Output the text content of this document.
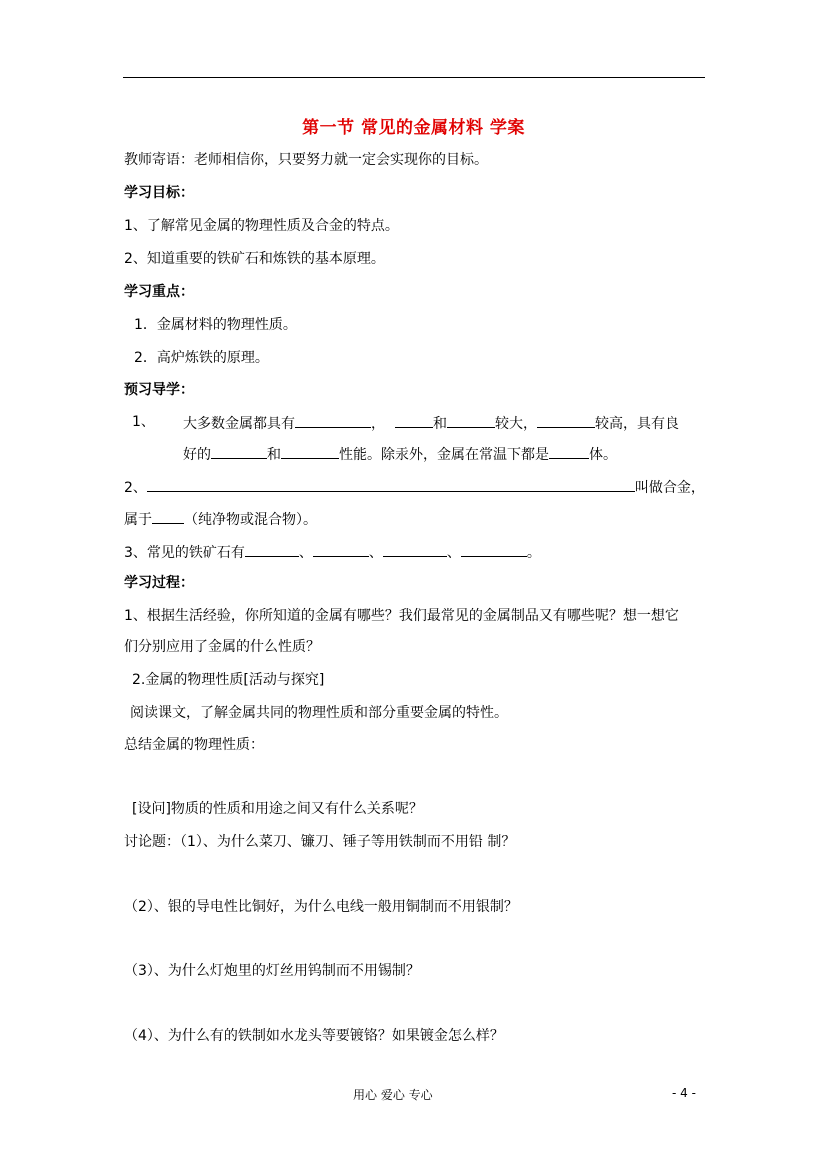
第一节 常见的金属材料 学案
教师寄语：老师相信你，只要努力就一定会实现你的目标。
学习目标：
1、了解常见金属的物理性质及合金的特点。
2、知道重要的铁矿石和炼铁的基本原理。
学习重点：
1．金属材料的物理性质。
2．高炉炼铁的原理。
预习导学：
1、 大多数金属都具有	，	和	较大，	较高，具有良
好的	和	性能。除汞外，金属在常温下都是	体。
2、	叫做合金，
属于 （纯净物或混合物）。
3、常见的铁矿石有	、	、	、	。
学习过程：
1、根据生活经验，你所知道的金属有哪些？我们最常见的金属制品又有哪些呢？想一想它
们分别应用了金属的什么性质？
2.金属的物理性质[活动与探究]
阅读课文，了解金属共同的物理性质和部分重要金属的特性。
总结金属的物理性质：
[设问]物质的性质和用途之间又有什么关系呢？
讨论题：（1）、为什么菜刀、镰刀、锤子等用铁制而不用铅 制？
（2）、银的导电性比铜好，为什么电线一般用铜制而不用银制？
（3）、为什么灯炮里的灯丝用钨制而不用锡制？
（4）、为什么有的铁制如水龙头等要镀铬？如果镀金怎么样？
用心 爱心 专心	- 4 -
